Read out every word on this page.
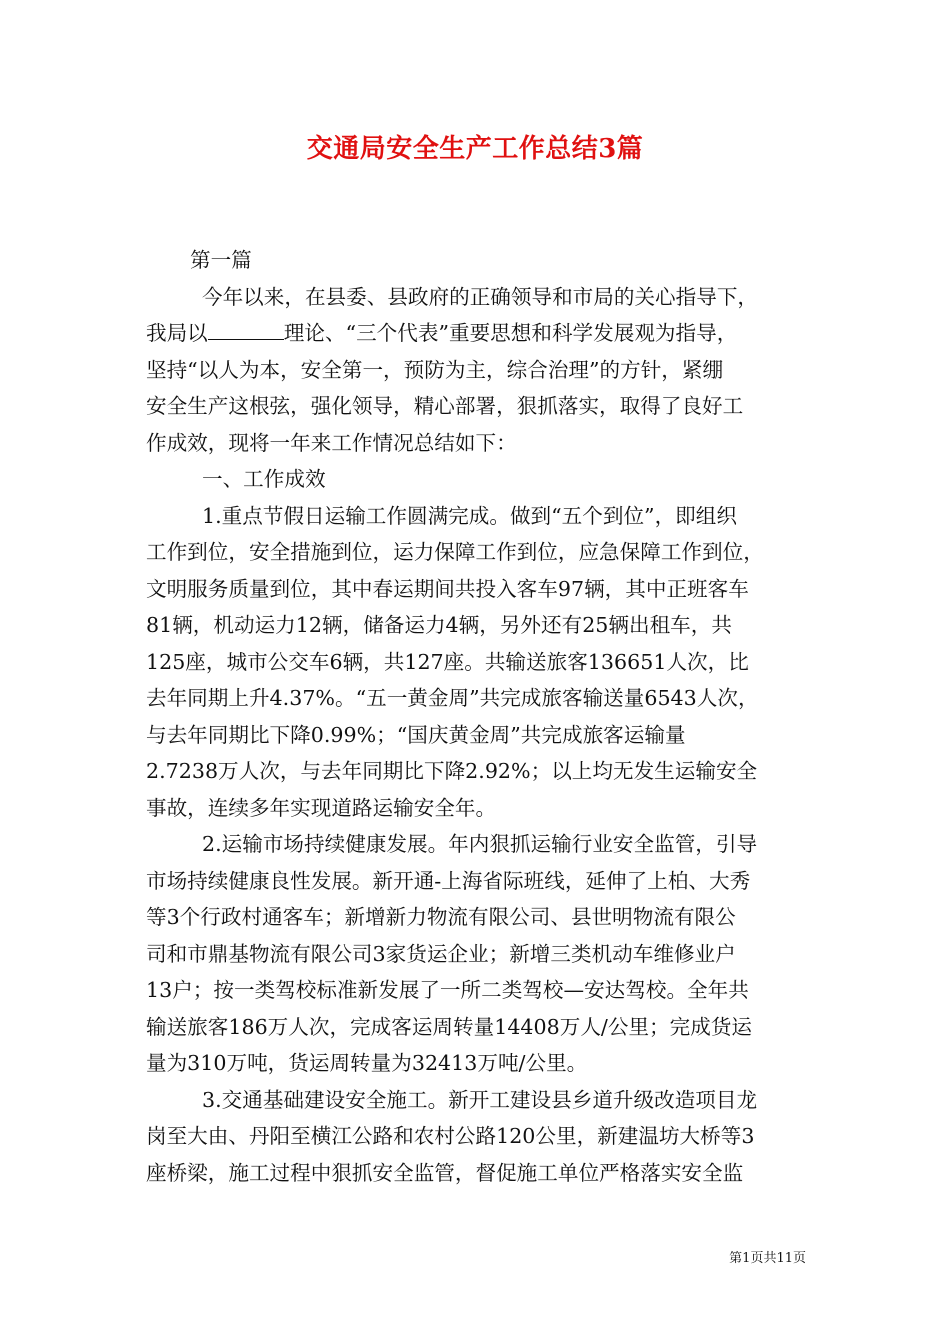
交通局安全生产工作总结3篇
第一篇
今年以来，在县委、县政府的正确领导和市局的关心指导下，
我局以	理论、“三个代表”重要思想和科学发展观为指导，
坚持“以人为本，安全第一，预防为主，综合治理”的方针，紧绷
安全生产这根弦，强化领导，精心部署，狠抓落实，取得了良好工
作成效，现将一年来工作情况总结如下：
一、工作成效
1.重点节假日运输工作圆满完成。做到“五个到位”，即组织
工作到位，安全措施到位，运力保障工作到位，应急保障工作到位，
文明服务质量到位，其中春运期间共投入客车97辆，其中正班客车
81辆，机动运力12辆，储备运力4辆，另外还有25辆出租车，共
125座，城市公交车6辆，共127座。共输送旅客136651人次，比
去年同期上升4.37%。“五一黄金周”共完成旅客输送量6543人次，
与去年同期比下降0.99%；“国庆黄金周”共完成旅客运输量
2.7238万人次，与去年同期比下降2.92%；以上均无发生运输安全
事故，连续多年实现道路运输安全年。
2.运输市场持续健康发展。年内狠抓运输行业安全监管，引导
市场持续健康良性发展。新开通-上海省际班线，延伸了上柏、大秀
等3个行政村通客车；新增新力物流有限公司、县世明物流有限公
司和市鼎基物流有限公司3家货运企业；新增三类机动车维修业户
13户；按一类驾校标准新发展了一所二类驾校—安达驾校。全年共
输送旅客186万人次，完成客运周转量14408万人/公里；完成货运
量为310万吨，货运周转量为32413万吨/公里。
3.交通基础建设安全施工。新开工建设县乡道升级改造项目龙
岗至大由、丹阳至横江公路和农村公路120公里，新建温坊大桥等3
座桥梁，施工过程中狠抓安全监管，督促施工单位严格落实安全监
第1页共11页
